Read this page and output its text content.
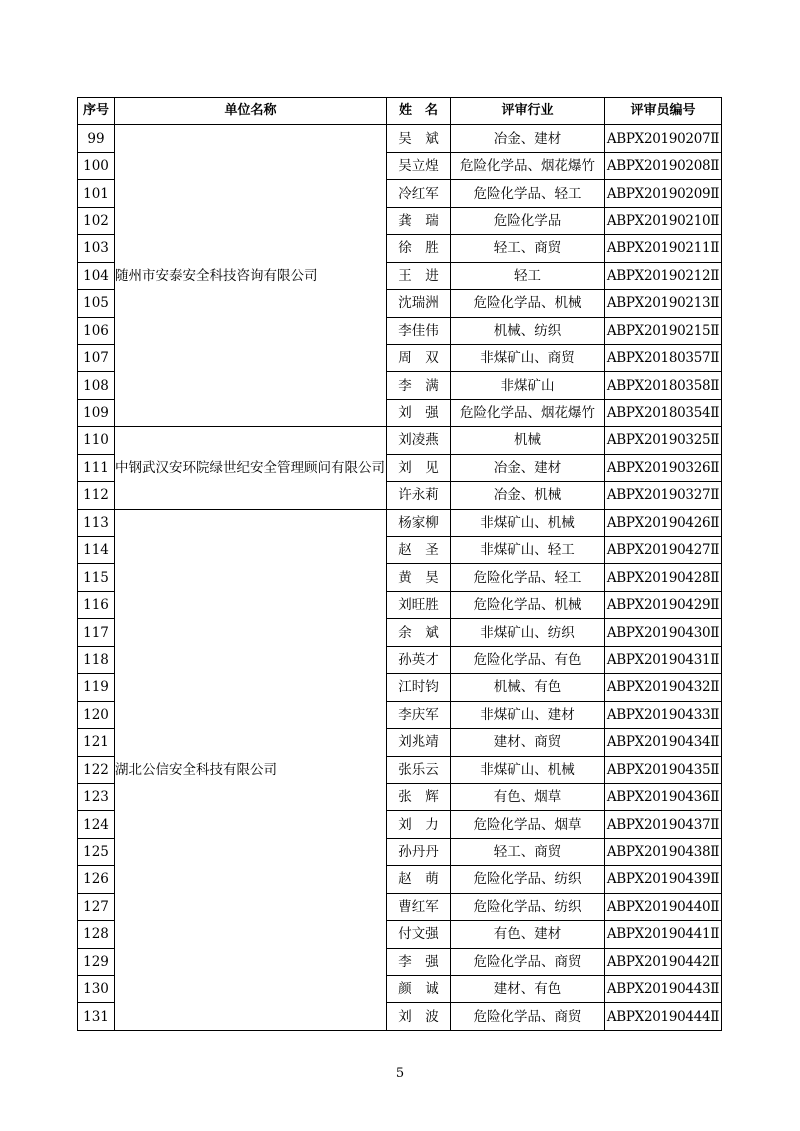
序号	单位名称	姓　名	评审行业	评审员编号
99	随州市安泰安全科技咨询有限公司	吴　斌	冶金、建材	ABPX20190207Ⅱ
100		吴立煌	危险化学品、烟花爆竹	ABPX20190208Ⅱ
101		冷红军	危险化学品、轻工	ABPX20190209Ⅱ
102		龚　瑞	危险化学品	ABPX20190210Ⅱ
103		徐　胜	轻工、商贸	ABPX20190211Ⅱ
104		王　进	轻工	ABPX20190212Ⅱ
105		沈瑞洲	危险化学品、机械	ABPX20190213Ⅱ
106		李佳伟	机械、纺织	ABPX20190215Ⅱ
107		周　双	非煤矿山、商贸	ABPX20180357Ⅱ
108		李　满	非煤矿山	ABPX20180358Ⅱ
109		刘　强	危险化学品、烟花爆竹	ABPX20180354Ⅱ
110	中钢武汉安环院绿世纪安全管理顾问有限公司	刘凌燕	机械	ABPX20190325Ⅱ
111		刘　见	冶金、建材	ABPX20190326Ⅱ
112		许永莉	冶金、机械	ABPX20190327Ⅱ
113	湖北公信安全科技有限公司	杨家柳	非煤矿山、机械	ABPX20190426Ⅱ
114		赵　圣	非煤矿山、轻工	ABPX20190427Ⅱ
115		黄　昊	危险化学品、轻工	ABPX20190428Ⅱ
116		刘旺胜	危险化学品、机械	ABPX20190429Ⅱ
117		余　斌	非煤矿山、纺织	ABPX20190430Ⅱ
118		孙英才	危险化学品、有色	ABPX20190431Ⅱ
119		江时钧	机械、有色	ABPX20190432Ⅱ
120		李庆军	非煤矿山、建材	ABPX20190433Ⅱ
121		刘兆靖	建材、商贸	ABPX20190434Ⅱ
122		张乐云	非煤矿山、机械	ABPX20190435Ⅱ
123		张　辉	有色、烟草	ABPX20190436Ⅱ
124		刘　力	危险化学品、烟草	ABPX20190437Ⅱ
125		孙丹丹	轻工、商贸	ABPX20190438Ⅱ
126		赵　萌	危险化学品、纺织	ABPX20190439Ⅱ
127		曹红军	危险化学品、纺织	ABPX20190440Ⅱ
128		付文强	有色、建材	ABPX20190441Ⅱ
129		李　强	危险化学品、商贸	ABPX20190442Ⅱ
130		颜　诚	建材、有色	ABPX20190443Ⅱ
131		刘　波	危险化学品、商贸	ABPX20190444Ⅱ
5
